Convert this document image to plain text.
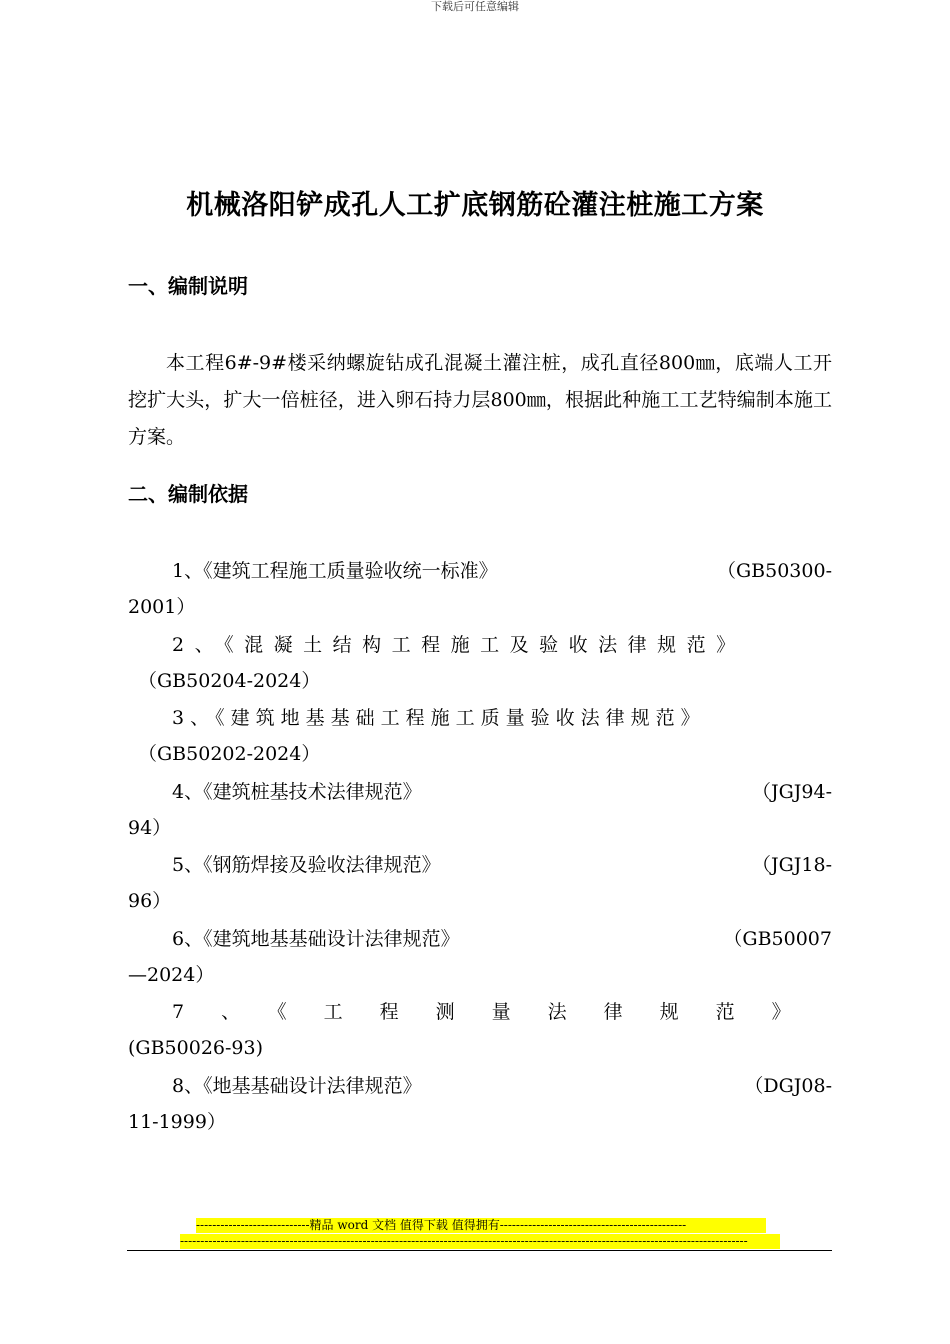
下载后可任意编辑
机械洛阳铲成孔人工扩底钢筋砼灌注桩施工方案
一、编制说明

本工程6#-9#楼采纳螺旋钻成孔混凝土灌注桩，成孔直径800㎜，底端人工开挖扩大头，扩大一倍桩径，进入卵石持力层800㎜，根据此种施工工艺特编制本施工方案。

二、编制依据
1、《建筑工程施工质量验收统一标准》	（GB50300-
2001）
2、《混凝土结构工程施工及验收法律规范》
（GB50204-2024）
3、《建筑地基基础工程施工质量验收法律规范》
（GB50202-2024）
4、《建筑桩基技术法律规范》	（JGJ94-
94）
5、《钢筋焊接及验收法律规范》	（JGJ18-
96）
6、《建筑地基基础设计法律规范》	（GB50007
—2024）
7、《工程测量法律规范》
(GB50026-93)
8、《地基基础设计法律规范》	（DGJ08-
11-1999）
----------------------------精品 word 文档 值得下载 值得拥有----------------------------------------------
--------------------------------------------------------------------------------------------------------------------------------------------
